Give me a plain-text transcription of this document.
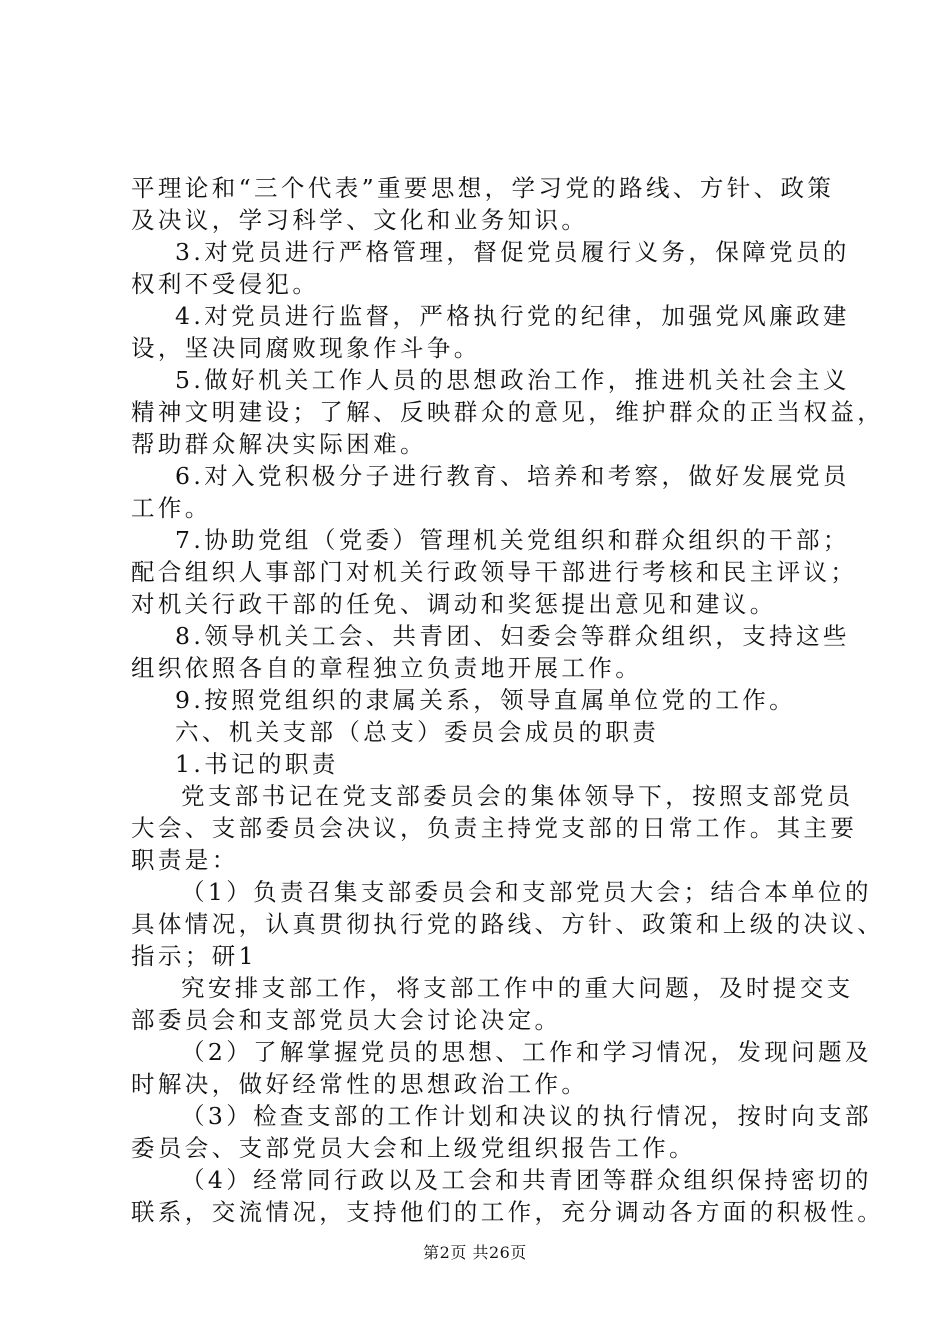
平理论和“三个代表”重要思想，学习党的路线、方针、政策
及决议，学习科学、文化和业务知识。
3.对党员进行严格管理，督促党员履行义务，保障党员的
权利不受侵犯。
4.对党员进行监督，严格执行党的纪律，加强党风廉政建
设，坚决同腐败现象作斗争。
5.做好机关工作人员的思想政治工作，推进机关社会主义
精神文明建设；了解、反映群众的意见，维护群众的正当权益，
帮助群众解决实际困难。
6.对入党积极分子进行教育、培养和考察，做好发展党员
工作。
7.协助党组（党委）管理机关党组织和群众组织的干部；
配合组织人事部门对机关行政领导干部进行考核和民主评议；
对机关行政干部的任免、调动和奖惩提出意见和建议。
8.领导机关工会、共青团、妇委会等群众组织，支持这些
组织依照各自的章程独立负责地开展工作。
9.按照党组织的隶属关系，领导直属单位党的工作。
六、机关支部（总支）委员会成员的职责
1.书记的职责
党支部书记在党支部委员会的集体领导下，按照支部党员
大会、支部委员会决议，负责主持党支部的日常工作。其主要
职责是：
（1）负责召集支部委员会和支部党员大会；结合本单位的
具体情况，认真贯彻执行党的路线、方针、政策和上级的决议、
指示；研1
究安排支部工作，将支部工作中的重大问题，及时提交支
部委员会和支部党员大会讨论决定。
（2）了解掌握党员的思想、工作和学习情况，发现问题及
时解决，做好经常性的思想政治工作。
（3）检查支部的工作计划和决议的执行情况，按时向支部
委员会、支部党员大会和上级党组织报告工作。
（4）经常同行政以及工会和共青团等群众组织保持密切的
联系，交流情况，支持他们的工作，充分调动各方面的积极性。
第2页 共26页
